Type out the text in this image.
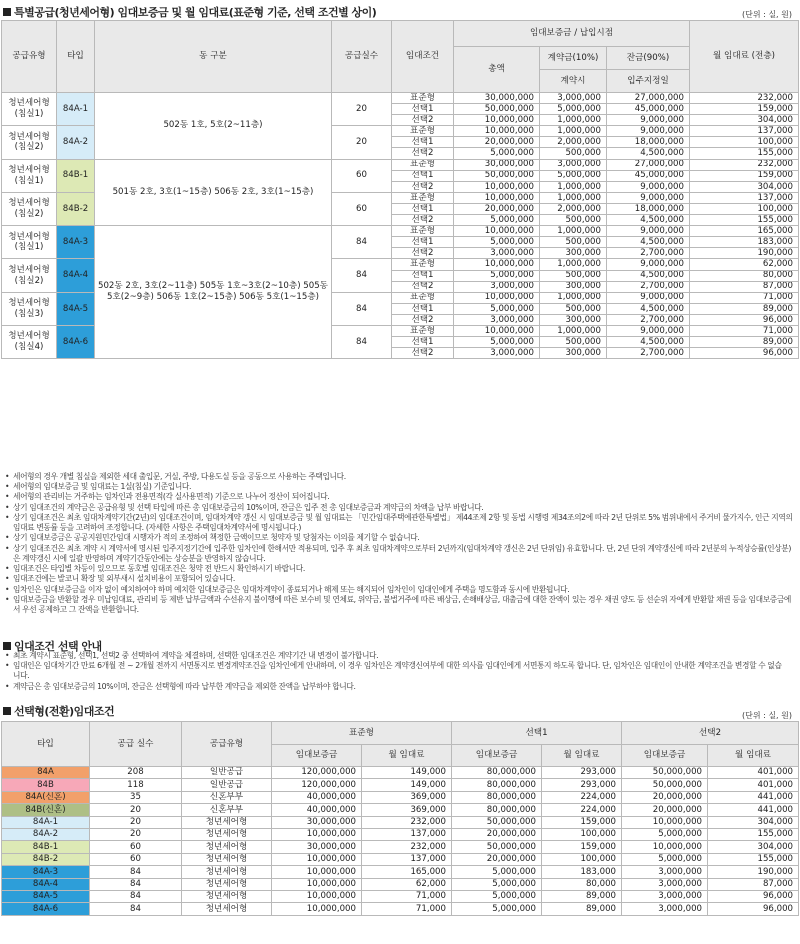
특별공급(청년세어형) 임대보증금 및 월 임대료(표준형 기준, 선택 조건별 상이)	(단위 : 실, 원)
공급유형	타입	동 구분	공급실수	임대조건	임대보증금 / 납입시점			월 임대료 (전층)
					총액	계약금(10%)	잔금(90%)	
						계약시	입주지정일	
청년세어형 (침실1)	84A-1	502동 1호, 5호(2~11층)	20	표준형	30,000,000	3,000,000	27,000,000	232,000
				선택1	50,000,000	5,000,000	45,000,000	159,000
				선택2	10,000,000	1,000,000	9,000,000	304,000
청년세어형 (침실2)	84A-2		20	표준형	10,000,000	1,000,000	9,000,000	137,000
				선택1	20,000,000	2,000,000	18,000,000	100,000
				선택2	5,000,000	500,000	4,500,000	155,000
청년세어형 (침실1)	84B-1	501동 2호, 3호(1~15층) 506동 2호, 3호(1~15층)	60	표준형	30,000,000	3,000,000	27,000,000	232,000
				선택1	50,000,000	5,000,000	45,000,000	159,000
				선택2	10,000,000	1,000,000	9,000,000	304,000
청년세어형 (침실2)	84B-2		60	표준형	10,000,000	1,000,000	9,000,000	137,000
				선택1	20,000,000	2,000,000	18,000,000	100,000
				선택2	5,000,000	500,000	4,500,000	155,000
청년세어형 (침실1)	84A-3	502동 2호, 3호(2~11층) 505동 1호~3호(2~10층) 505동 5호(2~9층) 506동 1호(2~15층) 506동 5호(1~15층)	84	표준형	10,000,000	1,000,000	9,000,000	165,000
				선택1	5,000,000	500,000	4,500,000	183,000
				선택2	3,000,000	300,000	2,700,000	190,000
청년세어형 (침실2)	84A-4		84	표준형	10,000,000	1,000,000	9,000,000	62,000
				선택1	5,000,000	500,000	4,500,000	80,000
				선택2	3,000,000	300,000	2,700,000	87,000
청년세어형 (침실3)	84A-5		84	표준형	10,000,000	1,000,000	9,000,000	71,000
				선택1	5,000,000	500,000	4,500,000	89,000
				선택2	3,000,000	300,000	2,700,000	96,000
청년세어형 (침실4)	84A-6		84	표준형	10,000,000	1,000,000	9,000,000	71,000
				선택1	5,000,000	500,000	4,500,000	89,000
				선택2	3,000,000	300,000	2,700,000	96,000
• 세어형의 경우 개별 침실을 제외한 세대 출입문, 거실, 주방, 다용도실 등을 공동으로 사용하는 주택입니다.
• 세어형의 임대보증금 및 임대료는 1실(침실) 기준입니다.
• 세어형의 관리비는 거주하는 임차인과 전용면적(각 실사용면적) 기준으로 나누어 정산이 되어집니다.
• 상기 임대조건의 계약금은 공급유형 및 선택 타입에 따른 총 임대보증금의 10%이며, 잔금은 입주 전 총 임대보증금과 계약금의 차액을 납부 바랍니다.
• 상기 임대조건은 최초 임대차계약기간(2년)의 임대조건이며, 임대차계약 갱신 시 임대보증금 및 월 임대료는 「민간임대주택에관한특별법」 제44조제 2항 및 동법 시행령 제34조의2에 따라 2년 단위로 5% 범위내에서 주거비 물가지수, 인근 지역의 임대료 변동률 등을 고려하여 조정합니다. (자세한 사항은 주택임대차계약서에 명시됩니다.)
• 상기 임대보증금은 공공지원민간임대 시행자가 적의 조정하여 책정한 금액이므로 청약자 및 당첨자는 이의를 제기할 수 없습니다.
• 상기 임대조건은 최초 계약 시 계약서에 명시된 입주지정기간에 입주한 임차인에 한해서만 적용되며, 입주 후 최초 임대차계약으로부터 2년까지(임대차계약 갱신은 2년 단위임) 유효합니다. 단, 2년 단위 계약갱신에 따라 2년분의 누적상승률(인상분)은 계약갱신 시에 일괄 반영하며 계약기간동안에는 상승분을 반영하지 않습니다.
• 임대조건은 타입별 차등이 있으므로 동호별 임대조건은 청약 전 반드시 확인하시기 바랍니다.
• 임대조건에는 발코니 확장 및 외부새시 설치비용이 포함되어 있습니다.
• 임차인은 임대보증금을 이자 없이 예치하여야 하며 예치한 임대보증금은 임대차계약이 종료되거나 해제 또는 해지되어 임차인이 임대인에게 주택을 명도함과 동시에 반환됩니다.
• 임대보증금을 반환할 경우 미납임대료, 관리비 등 제반 납부금액과 수선유지 불이행에 따른 보수비 및 연체료, 위약금, 불법거주에 따른 배상금, 손해배상금, 대출금에 대한 잔액이 있는 경우 채권 양도 등 선순위 자에게 반환할 채권 등을 임대보증금에서 우선 공제하고 그 잔액을 반환합니다.
임대조건 선택 안내
• 최초 계약시 표준형, 선택1, 선택2 중 선택하여 계약을 체결하며, 선택한 임대조건은 계약기간 내 변경이 불가합니다.
• 임대인은 임대차기간 만료 6개월 전 ~ 2개월 전까지 서면통지로 변경계약조건을 임차인에게 안내하며, 이 경우 임차인은 계약갱신여부에 대한 의사를 임대인에게 서면통지 하도록 합니다. 단, 임차인은 임대인이 안내한 계약조건을 변경할 수 없습니다.
• 계약금은 총 임대보증금의 10%이며, 잔금은 선택형에 따라 납부한 계약금을 제외한 잔액을 납부하야 합니다.
선택형(전환)임대조건	(단위 : 실, 원)
타입	공급 실수	공급유형	표준형		선택1		선택2	
			임대보증금	월 임대료	임대보증금	월 임대료	임대보증금	월 임대료
84A	208	일반공급	120,000,000	149,000	80,000,000	293,000	50,000,000	401,000
84B	118	일반공급	120,000,000	149,000	80,000,000	293,000	50,000,000	401,000
84A(신혼)	35	신혼부부	40,000,000	369,000	80,000,000	224,000	20,000,000	441,000
84B(신혼)	20	신혼부부	40,000,000	369,000	80,000,000	224,000	20,000,000	441,000
84A-1	20	청년세어형	30,000,000	232,000	50,000,000	159,000	10,000,000	304,000
84A-2	20	청년세어형	10,000,000	137,000	20,000,000	100,000	5,000,000	155,000
84B-1	60	청년세어형	30,000,000	232,000	50,000,000	159,000	10,000,000	304,000
84B-2	60	청년세어형	10,000,000	137,000	20,000,000	100,000	5,000,000	155,000
84A-3	84	청년세어형	10,000,000	165,000	5,000,000	183,000	3,000,000	190,000
84A-4	84	청년세어형	10,000,000	62,000	5,000,000	80,000	3,000,000	87,000
84A-5	84	청년세어형	10,000,000	71,000	5,000,000	89,000	3,000,000	96,000
84A-6	84	청년세어형	10,000,000	71,000	5,000,000	89,000	3,000,000	96,000
